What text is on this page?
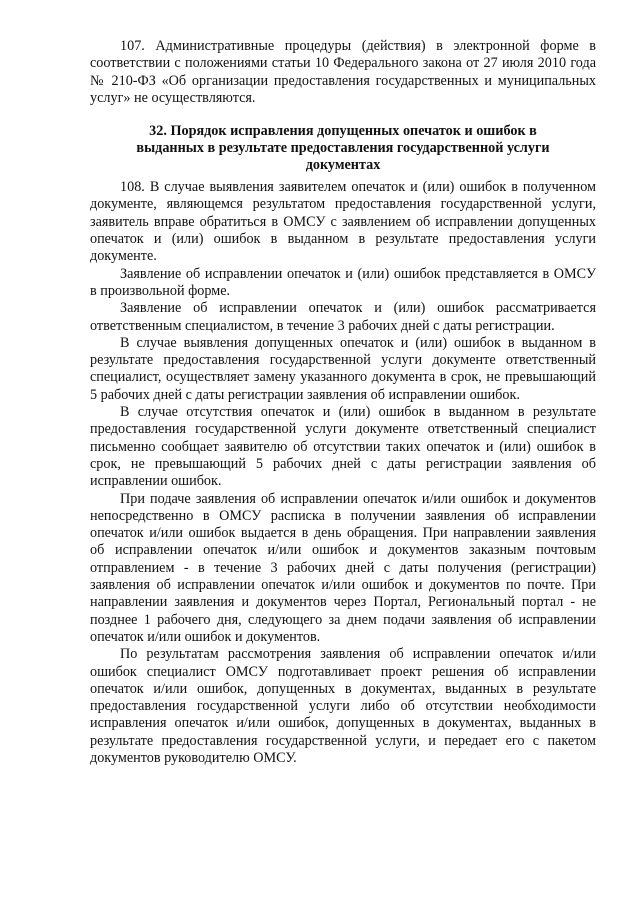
107. Административные процедуры (действия) в электронной форме в соответствии с положениями статьи 10 Федерального закона от 27 июля 2010 года № 210-ФЗ «Об организации предоставления государственных и муниципальных услуг» не осуществляются.

32. Порядок исправления допущенных опечаток и ошибок в выданных в результате предоставления государственной услуги документах

108. В случае выявления заявителем опечаток и (или) ошибок в полученном документе, являющемся результатом предоставления государственной услуги, заявитель вправе обратиться в ОМСУ с заявлением об исправлении допущенных опечаток и (или) ошибок в выданном в результате предоставления услуги документе.

Заявление об исправлении опечаток и (или) ошибок представляется в ОМСУ в произвольной форме.

Заявление об исправлении опечаток и (или) ошибок рассматривается ответственным специалистом, в течение 3 рабочих дней с даты регистрации.

В случае выявления допущенных опечаток и (или) ошибок в выданном в результате предоставления государственной услуги документе ответственный специалист, осуществляет замену указанного документа в срок, не превышающий 5 рабочих дней с даты регистрации заявления об исправлении ошибок.

В случае отсутствия опечаток и (или) ошибок в выданном в результате предоставления государственной услуги документе ответственный специалист письменно сообщает заявителю об отсутствии таких опечаток и (или) ошибок в срок, не превышающий 5 рабочих дней с даты регистрации заявления об исправлении ошибок.

При подаче заявления об исправлении опечаток и/или ошибок и документов непосредственно в ОМСУ расписка в получении заявления об исправлении опечаток и/или ошибок выдается в день обращения. При направлении заявления об исправлении опечаток и/или ошибок и документов заказным почтовым отправлением - в течение 3 рабочих дней с даты получения (регистрации) заявления об исправлении опечаток и/или ошибок и документов по почте. При направлении заявления и документов через Портал, Региональный портал - не позднее 1 рабочего дня, следующего за днем подачи заявления об исправлении опечаток и/или ошибок и документов.

По результатам рассмотрения заявления об исправлении опечаток и/или ошибок специалист ОМСУ подготавливает проект решения об исправлении опечаток и/или ошибок, допущенных в документах, выданных в результате предоставления государственной услуги либо об отсутствии необходимости исправления опечаток и/или ошибок, допущенных в документах, выданных в результате предоставления государственной услуги, и передает его с пакетом документов руководителю ОМСУ.
